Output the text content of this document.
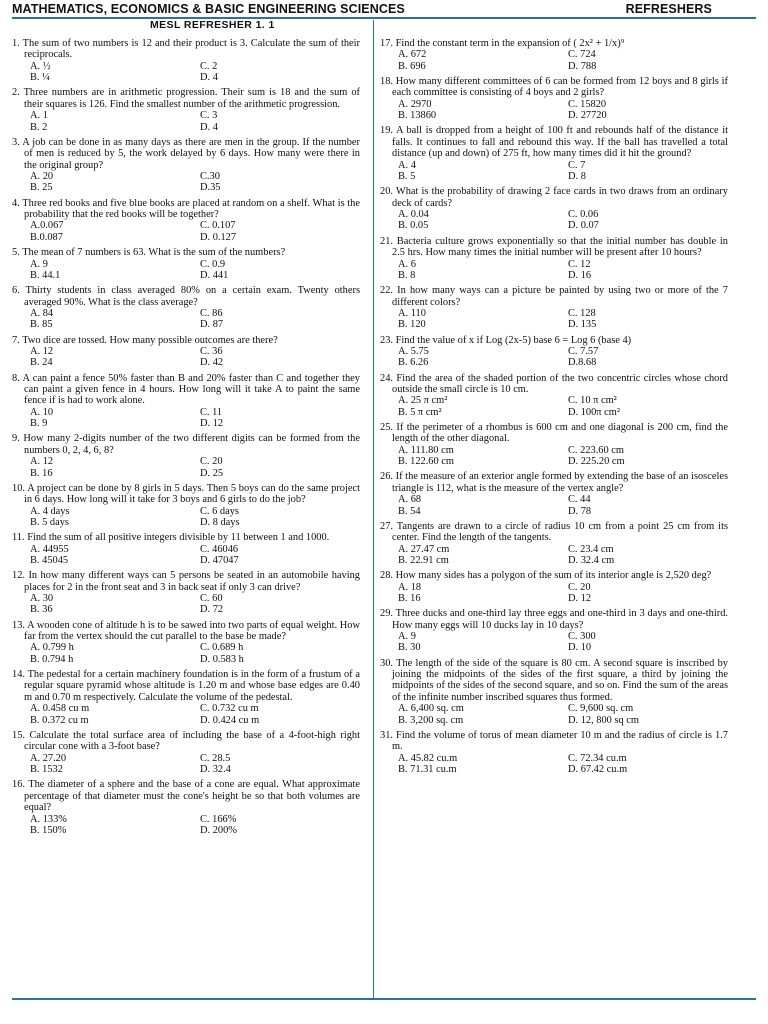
MATHEMATICS, ECONOMICS & BASIC ENGINEERING SCIENCES	REFRESHERS
MESL REFRESHER 1. 1
1. The sum of two numbers is 12 and their product is 3. Calculate the sum of their reciprocals.
A. ½	C. 2
B. ¼	D. 4
2. Three numbers are in arithmetic progression. Their sum is 18 and the sum of their squares is 126. Find the smallest number of the arithmetic progression.
A. 1	C. 3
B. 2	D. 4
3. A job can be done in as many days as there are men in the group. If the number of men is reduced by 5, the work delayed by 6 days. How many were there in the original group?
A. 20	C.30
B. 25	D.35
4. Three red books and five blue books are placed at random on a shelf. What is the probability that the red books will be together?
A.0.067	C. 0.107
B.0.087	D. 0.127
5. The mean of 7 numbers is 63. What is the sum of the numbers?
A. 9	C. 0.9
B. 44.1	D. 441
6. Thirty students in class averaged 80% on a certain exam. Twenty others averaged 90%. What is the class average?
A. 84	C. 86
B. 85	D. 87
7. Two dice are tossed. How many possible outcomes are there?
A. 12	C. 36
B. 24	D. 42
8. A can paint a fence 50% faster than B and 20% faster than C and together they can paint a given fence in 4 hours. How long will it take A to paint the same fence if is had to work alone.
A. 10	C. 11
B. 9	D. 12
9. How many 2-digits number of the two different digits can be formed from the numbers 0, 2, 4, 6, 8?
A. 12	C. 20
B. 16	D. 25
10. A project can be done by 8 girls in 5 days. Then 5 boys can do the same project in 6 days. How long will it take for 3 boys and 6 girls to do the job?
A. 4 days	C. 6 days
B. 5 days	D. 8 days
11. Find the sum of all positive integers divisible by 11 between 1 and 1000.
A. 44955	C. 46046
B. 45045	D. 47047
12. In how many different ways can 5 persons be seated in an automobile having places for 2 in the front seat and 3 in back seat if only 3 can drive?
A. 30	C. 60
B. 36	D. 72
13. A wooden cone of altitude h is to be sawed into two parts of equal weight. How far from the vertex should the cut parallel to the base be made?
A. 0.799 h	C. 0.689 h
B. 0.794 h	D. 0.583 h
14. The pedestal for a certain machinery foundation is in the form of a frustum of a regular square pyramid whose altitude is 1.20 m and whose base edges are 0.40 m and 0.70 m respectively. Calculate the volume of the pedestal.
A. 0.458 cu m	C. 0.732 cu m
B. 0.372 cu m	D. 0.424 cu m
15. Calculate the total surface area of including the base of a 4-foot-high right circular cone with a 3-foot base?
A. 27.20	C. 28.5
B. 1532	D. 32.4
16. The diameter of a sphere and the base of a cone are equal. What approximate percentage of that diameter must the cone's height be so that both volumes are equal?
A. 133%	C. 166%
B. 150%	D. 200%
17. Find the constant term in the expansion of ( 2x² + 1/x)⁹
A. 672	C. 724
B. 696	D. 788
18. How many different committees of 6 can be formed from 12 boys and 8 girls if each committee is consisting of 4 boys and 2 girls?
A. 2970	C. 15820
B. 13860	D. 27720
19. A ball is dropped from a height of 100 ft and rebounds half of the distance it falls. It continues to fall and rebound this way. If the ball has travelled a total distance (up and down) of 275 ft, how many times did it hit the ground?
A. 4	C. 7
B. 5	D. 8
20. What is the probability of drawing 2 face cards in two draws from an ordinary deck of cards?
A. 0.04	C. 0.06
B. 0.05	D. 0.07
21. Bacteria culture grows exponentially so that the initial number has double in 2.5 hrs. How many times the initial number will be present after 10 hours?
A. 6	C. 12
B. 8	D. 16
22. In how many ways can a picture be painted by using two or more of the 7 different colors?
A. 110	C. 128
B. 120	D. 135
23. Find the value of x if Log (2x-5) base 6 = Log 6 (base 4)
A. 5.75	C. 7.57
B. 6.26	D.8.68
24. Find the area of the shaded portion of the two concentric circles whose chord outside the small circle is 10 cm.
A. 25 π cm²	C. 10 π cm²
B. 5 π cm²	D. 100π cm²
25. If the perimeter of a rhombus is 600 cm and one diagonal is 200 cm, find the length of the other diagonal.
A. 111.80 cm	C. 223.60 cm
B. 122.60 cm	D. 225.20 cm
26. If the measure of an exterior angle formed by extending the base of an isosceles triangle is 112, what is the measure of the vertex angle?
A. 68	C. 44
B. 54	D. 78
27. Tangents are drawn to a circle of radius 10 cm from a point 25 cm from its center. Find the length of the tangents.
A. 27.47 cm	C. 23.4 cm
B. 22.91 cm	D. 32.4 cm
28. How many sides has a polygon of the sum of its interior angle is 2,520 deg?
A. 18	C. 20
B. 16	D. 12
29. Three ducks and one-third lay three eggs and one-third in 3 days and one-third. How many eggs will 10 ducks lay in 10 days?
A. 9	C. 300
B. 30	D. 10
30. The length of the side of the square is 80 cm. A second square is inscribed by joining the midpoints of the sides of the first square, a third by joining the midpoints of the sides of the second square, and so on. Find the sum of the areas of the infinite number inscribed squares thus formed.
A. 6,400 sq. cm	C. 9,600 sq. cm
B. 3,200 sq. cm	D. 12, 800 sq cm
31. Find the volume of torus of mean diameter 10 m and the radius of circle is 1.7 m.
A. 45.82 cu.m	C. 72.34 cu.m
B. 71.31 cu.m	D. 67.42 cu.m
